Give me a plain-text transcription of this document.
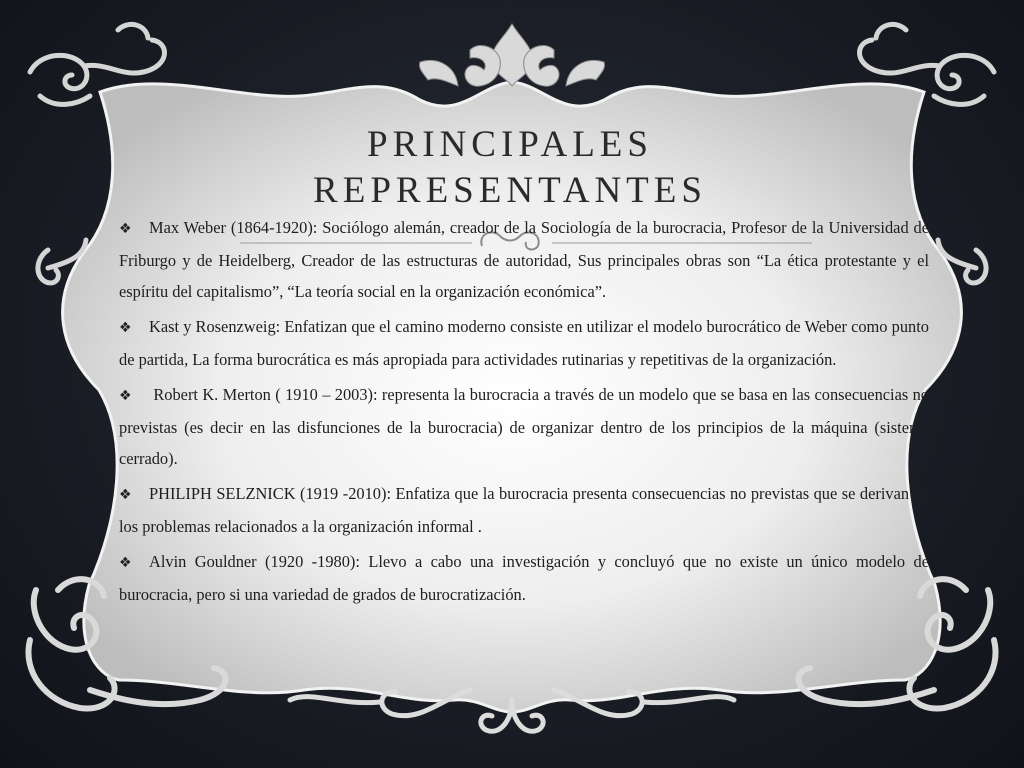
PRINCIPALES
REPRESENTANTES

❖ Max Weber (1864-1920): Sociólogo alemán, creador de la Sociología de la burocracia, Profesor de la Universidad de Friburgo y de Heidelberg, Creador de las estructuras de autoridad, Sus principales obras son “La ética protestante y el espíritu del capitalismo”, “La teoría social en la organización económica”.

❖ Kast y Rosenzweig: Enfatizan que el camino moderno consiste en utilizar el modelo burocrático de Weber como punto de partida, La forma burocrática es más apropiada para actividades rutinarias y repetitivas de la organización.

❖ Robert K. Merton ( 1910 – 2003): representa la burocracia a través de un modelo que se basa en las consecuencias no previstas (es decir en las disfunciones de la burocracia) de organizar dentro de los principios de la máquina (sistema cerrado).

❖ PHILIPH SELZNICK (1919 -2010): Enfatiza que la burocracia presenta consecuencias no previstas que se derivan de los problemas relacionados a la organización informal .

❖ Alvin Gouldner (1920 -1980): Llevo a cabo una investigación y concluyó que no existe un único modelo de burocracia, pero si una variedad de grados de burocratización.
